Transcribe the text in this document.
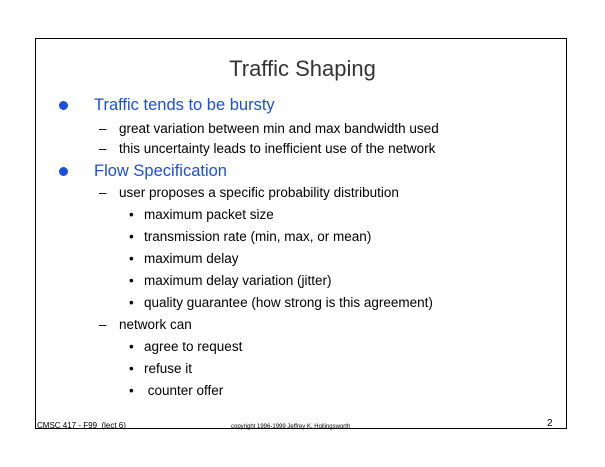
Traffic Shaping
Traffic tends to be bursty
– great variation between min and max bandwidth used
– this uncertainty leads to inefficient use of the network
Flow Specification
– user proposes a specific probability distribution
• maximum packet size
• transmission rate (min, max, or mean)
• maximum delay
• maximum delay variation (jitter)
• quality guarantee (how strong is this agreement)
– network can
• agree to request
• refuse it
• counter offer
CMSC 417 - F99  (lect 6)	copyright 1996-1999 Jeffrey K. Hollingsworth	2
